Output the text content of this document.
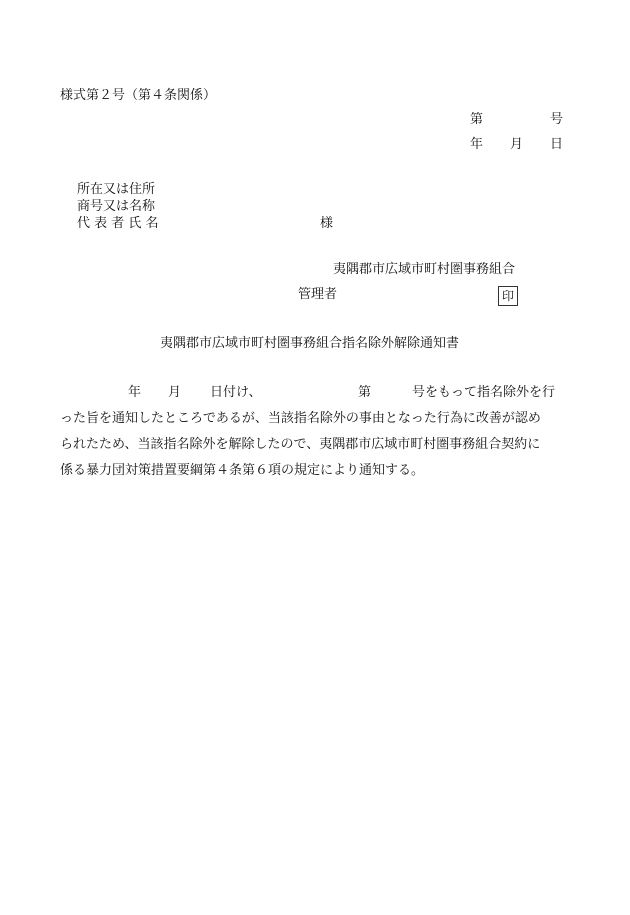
様式第２号（第４条関係）
第	号
年 月 日
所在又は住所
商号又は名称
代 表 者 氏 名	様
夷隅郡市広域市町村圏事務組合
管理者	印
夷隅郡市広域市町村圏事務組合指名除外解除通知書
年 月 日付け、	第	号をもって指名除外を行
った旨を通知したところであるが、当該指名除外の事由となった行為に改善が認め
られたため、当該指名除外を解除したので、夷隅郡市広域市町村圏事務組合契約に
係る暴力団対策措置要綱第４条第６項の規定により通知する。
